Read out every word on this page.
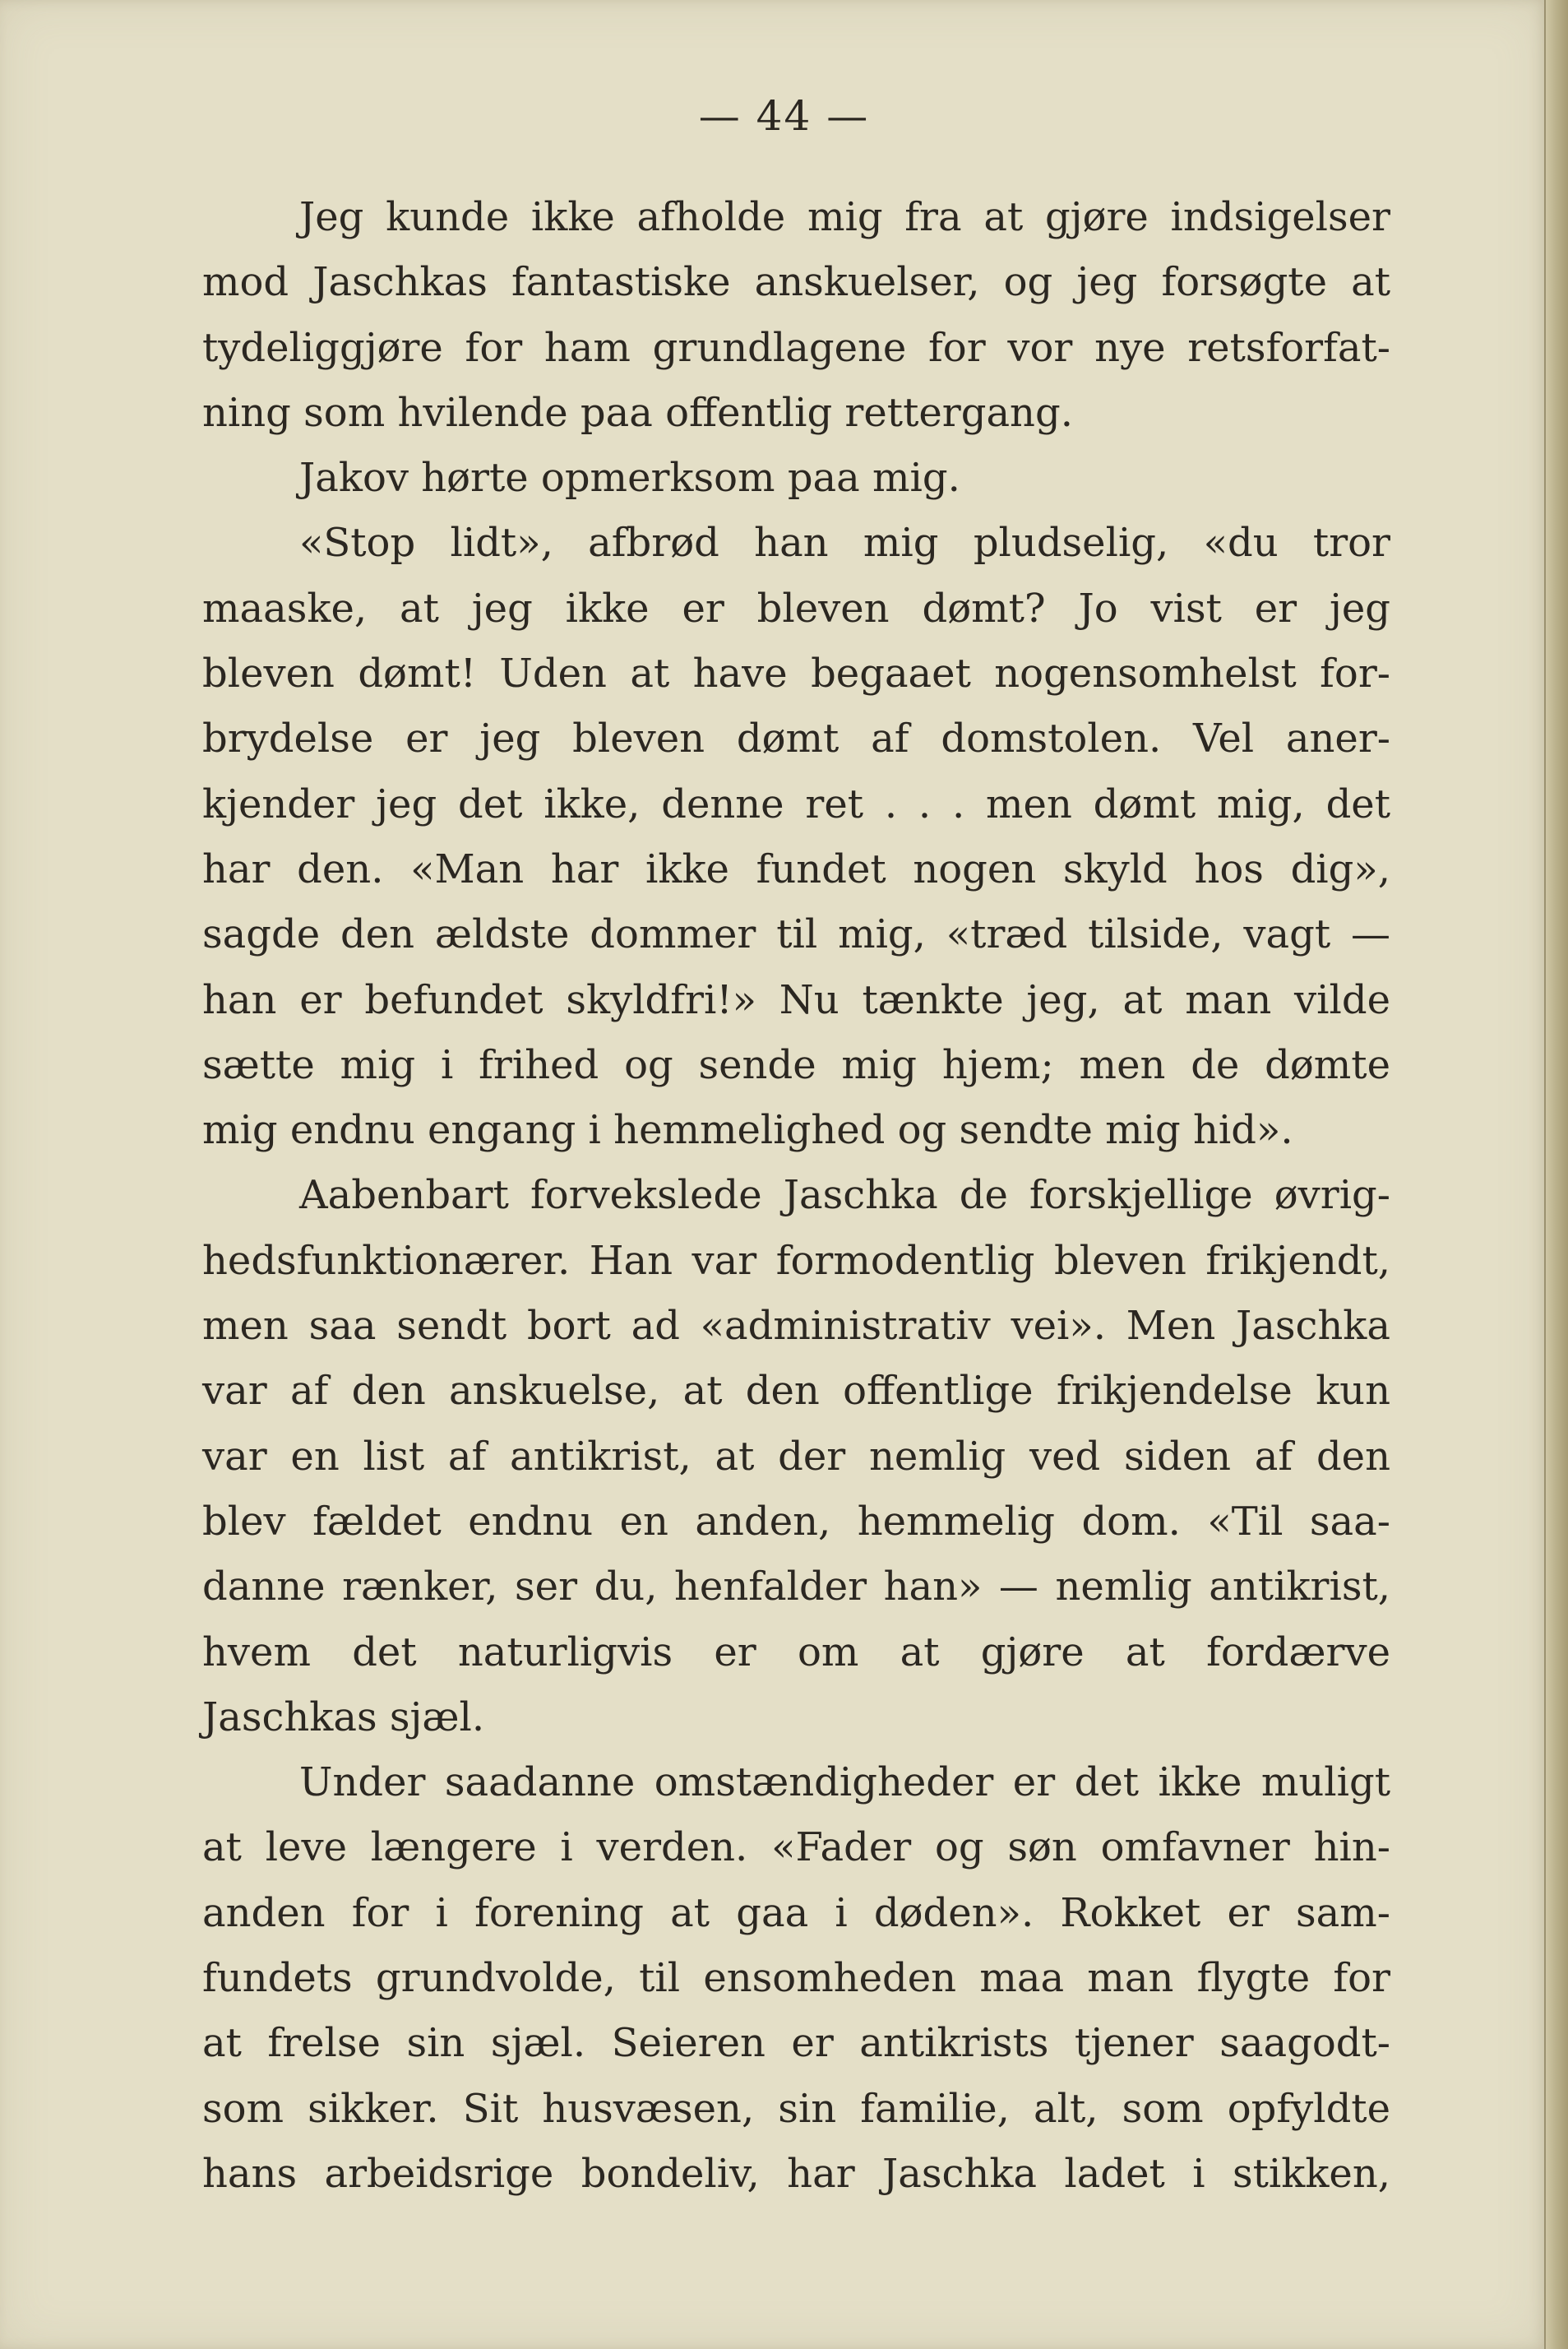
— 44 —
Jeg kunde ikke afholde mig fra at gjøre indsigelser
mod Jaschkas fantastiske anskuelser, og jeg forsøgte at
tydeliggjøre for ham grundlagene for vor nye retsforfat-
ning som hvilende paa offentlig rettergang.
Jakov hørte opmerksom paa mig.
«Stop lidt», afbrød han mig pludselig, «du tror
maaske, at jeg ikke er bleven dømt? Jo vist er jeg
bleven dømt! Uden at have begaaet nogensomhelst for-
brydelse er jeg bleven dømt af domstolen. Vel aner-
kjender jeg det ikke, denne ret . . . men dømt mig, det
har den. «Man har ikke fundet nogen skyld hos dig»,
sagde den ældste dommer til mig, «træd tilside, vagt —
han er befundet skyldfri!» Nu tænkte jeg, at man vilde
sætte mig i frihed og sende mig hjem; men de dømte
mig endnu engang i hemmelighed og sendte mig hid».
Aabenbart forvekslede Jaschka de forskjellige øvrig-
hedsfunktionærer. Han var formodentlig bleven frikjendt,
men saa sendt bort ad «administrativ vei». Men Jaschka
var af den anskuelse, at den offentlige frikjendelse kun
var en list af antikrist, at der nemlig ved siden af den
blev fældet endnu en anden, hemmelig dom. «Til saa-
danne rænker, ser du, henfalder han» — nemlig antikrist,
hvem det naturligvis er om at gjøre at fordærve
Jaschkas sjæl.
Under saadanne omstændigheder er det ikke muligt
at leve længere i verden. «Fader og søn omfavner hin-
anden for i forening at gaa i døden». Rokket er sam-
fundets grundvolde, til ensomheden maa man flygte for
at frelse sin sjæl. Seieren er antikrists tjener saagodt-
som sikker. Sit husvæsen, sin familie, alt, som opfyldte
hans arbeidsrige bondeliv, har Jaschka ladet i stikken,
